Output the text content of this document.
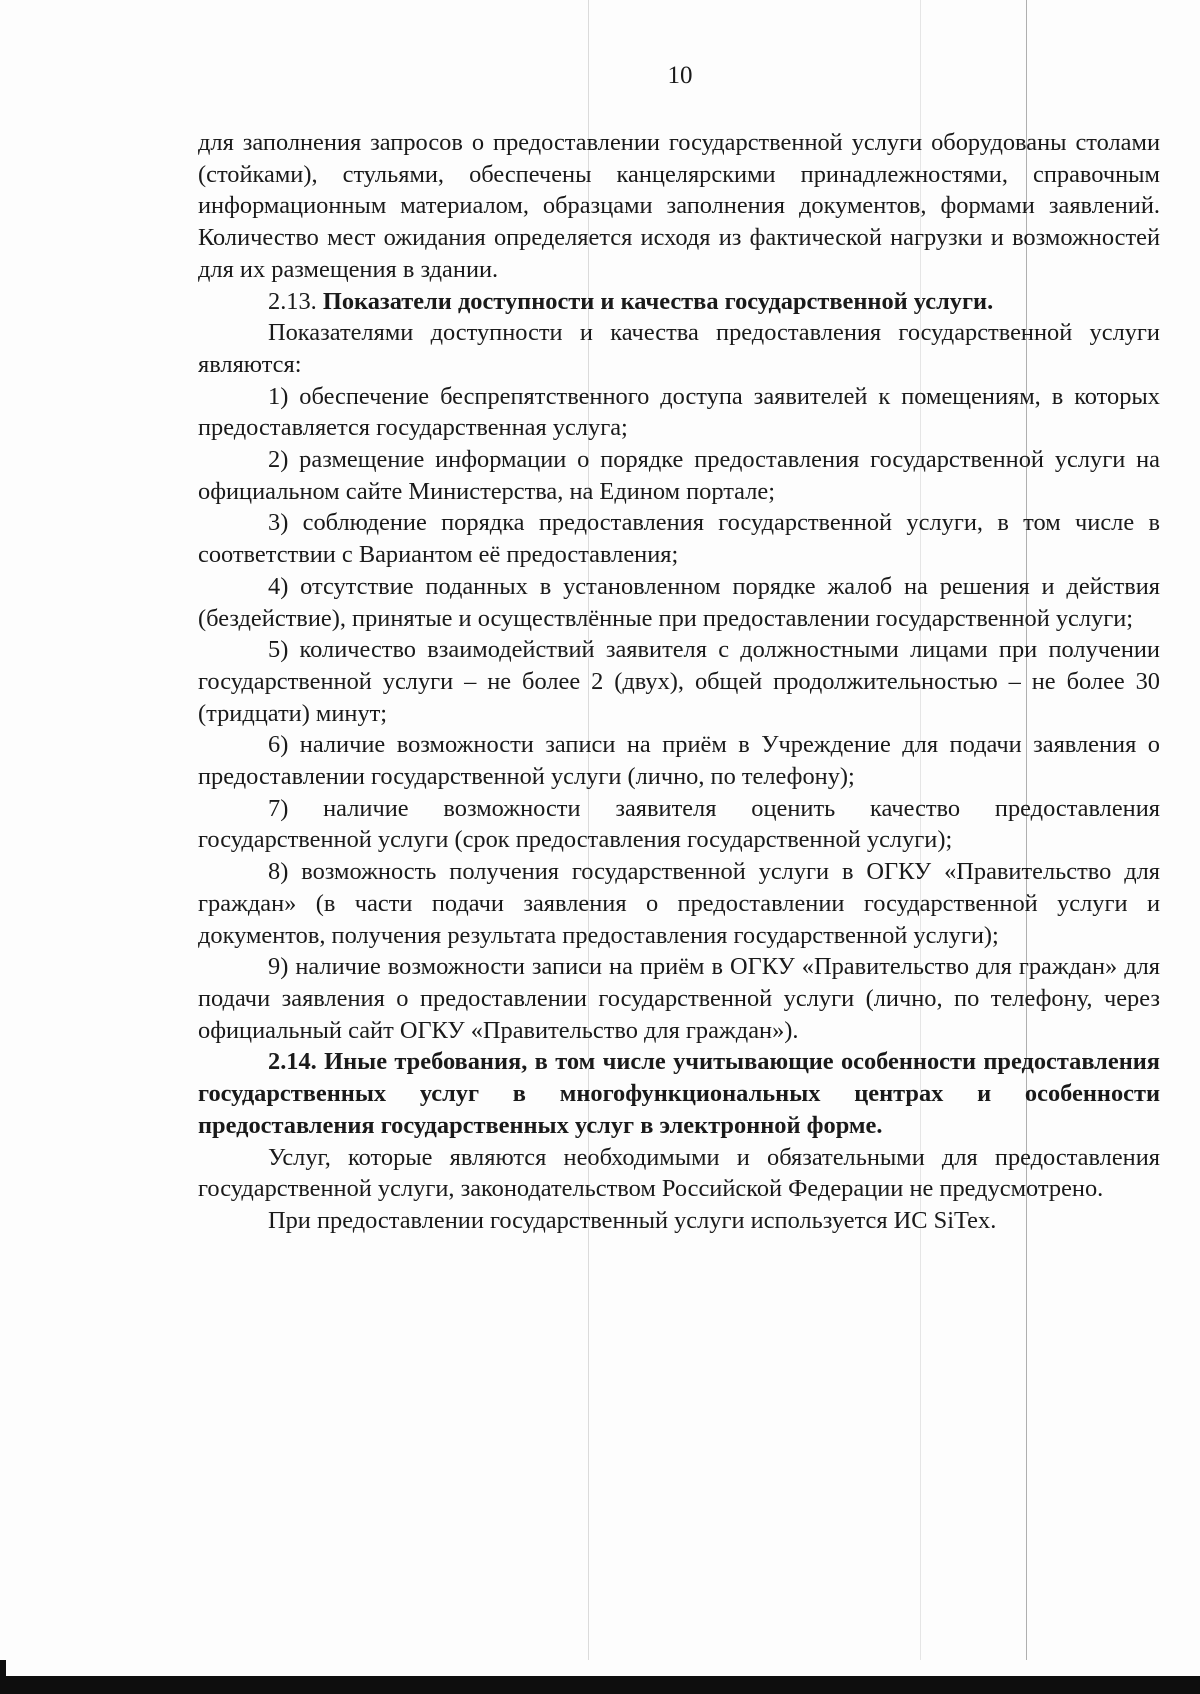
10

для заполнения запросов о предоставлении государственной услуги оборудованы столами (стойками), стульями, обеспечены канцелярскими принадлежностями, справочным информационным материалом, образцами заполнения документов, формами заявлений. Количество мест ожидания определяется исходя из фактической нагрузки и возможностей для их размещения в здании.

2.13. Показатели доступности и качества государственной услуги.

Показателями доступности и качества предоставления государственной услуги являются:

1) обеспечение беспрепятственного доступа заявителей к помещениям, в которых предоставляется государственная услуга;

2) размещение информации о порядке предоставления государственной услуги на официальном сайте Министерства, на Едином портале;

3) соблюдение порядка предоставления государственной услуги, в том числе в соответствии с Вариантом её предоставления;

4) отсутствие поданных в установленном порядке жалоб на решения и действия (бездействие), принятые и осуществлённые при предоставлении государственной услуги;

5) количество взаимодействий заявителя с должностными лицами при получении государственной услуги – не более 2 (двух), общей продолжительностью – не более 30 (тридцати) минут;

6) наличие возможности записи на приём в Учреждение для подачи заявления о предоставлении государственной услуги (лично, по телефону);

7) наличие возможности заявителя оценить качество предоставления государственной услуги (срок предоставления государственной услуги);

8) возможность получения государственной услуги в ОГКУ «Правительство для граждан» (в части подачи заявления о предоставлении государственной услуги и документов, получения результата предоставления государственной услуги);

9) наличие возможности записи на приём в ОГКУ «Правительство для граждан» для подачи заявления о предоставлении государственной услуги (лично, по телефону, через официальный сайт ОГКУ «Правительство для граждан»).

2.14. Иные требования, в том числе учитывающие особенности предоставления государственных услуг в многофункциональных центрах и особенности предоставления государственных услуг в электронной форме.

Услуг, которые являются необходимыми и обязательными для предоставления государственной услуги, законодательством Российской Федерации не предусмотрено.

При предоставлении государственный услуги используется ИС SiTex.
